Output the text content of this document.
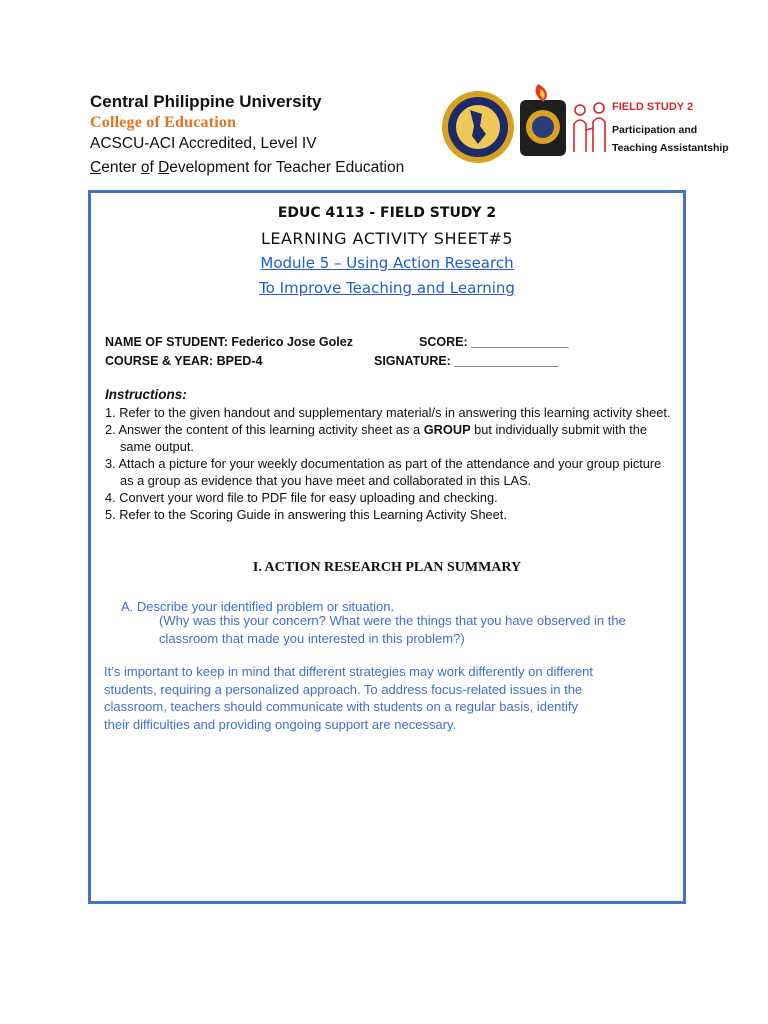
Central Philippine University
College of Education
ACSCU-ACI Accredited, Level IV
Center of Development for Teacher Education
FIELD STUDY 2
Participation and
Teaching Assistantship
EDUC 4113 - FIELD STUDY 2
LEARNING ACTIVITY SHEET#5
Module 5 – Using Action Research
To Improve Teaching and Learning
NAME OF STUDENT: Federico Jose Golez	SCORE: ______________
COURSE & YEAR: BPED-4	SIGNATURE: _______________
Instructions:
1. Refer to the given handout and supplementary material/s in answering this learning activity sheet.
2. Answer the content of this learning activity sheet as a GROUP but individually submit with the same output.
3. Attach a picture for your weekly documentation as part of the attendance and your group picture as a group as evidence that you have meet and collaborated in this LAS.
4. Convert your word file to PDF file for easy uploading and checking.
5. Refer to the Scoring Guide in answering this Learning Activity Sheet.
I. ACTION RESEARCH PLAN SUMMARY
A. Describe your identified problem or situation.
(Why was this your concern? What were the things that you have observed in the classroom that made you interested in this problem?)
It’s important to keep in mind that different strategies may work differently on different
students, requiring a personalized approach. To address focus-related issues in the
classroom, teachers should communicate with students on a regular basis, identify
their difficulties and providing ongoing support are necessary.
